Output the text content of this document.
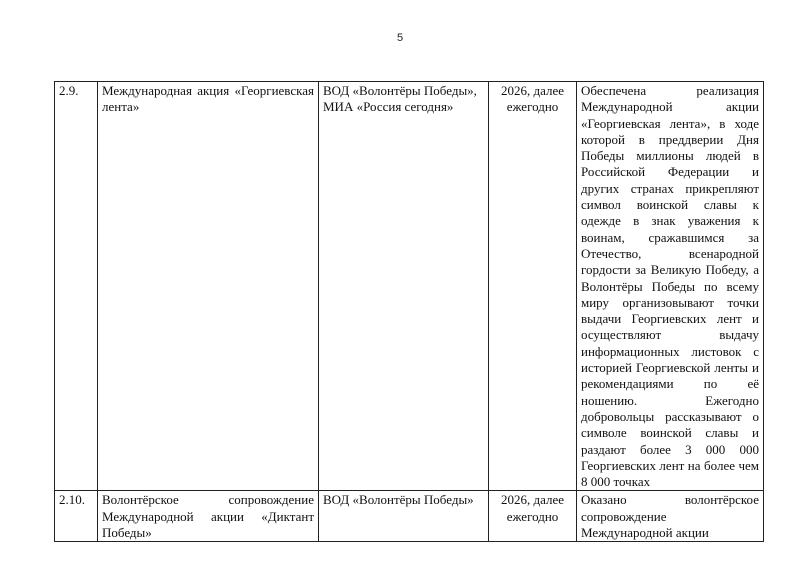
5
2.9.	Международная акция «Георгиевская лента»	ВОД «Волонтёры Победы», МИА «Россия сегодня»	2026, далее ежегодно	Обеспечена реализация Международной акции «Георгиевская лента», в ходе которой в преддверии Дня Победы миллионы людей в Российской Федерации и других странах прикрепляют символ воинской славы к одежде в знак уважения к воинам, сражавшимся за Отечество, всенародной гордости за Великую Победу, а Волонтёры Победы по всему миру организовывают точки выдачи Георгиевских лент и осуществляют выдачу информационных листовок с историей Георгиевской ленты и рекомендациями по её ношению. Ежегодно добровольцы рассказывают о символе воинской славы и раздают более 3 000 000 Георгиевских лент на более чем 8 000 точках
2.10.	Волонтёрское сопровождение Международной акции «Диктант Победы»	ВОД «Волонтёры Победы»	2026, далее ежегодно	Оказано волонтёрское сопровождение Международной акции
